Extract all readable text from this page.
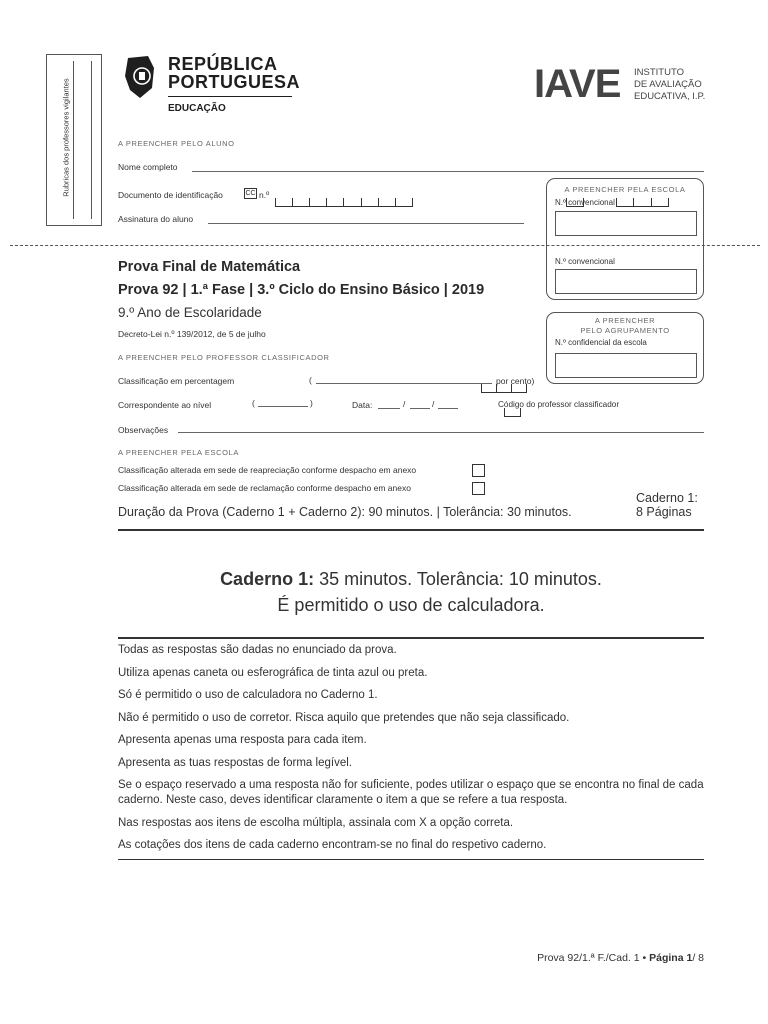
Rubricas dos professores vigilantes
REPÚBLICA
PORTUGUESA
EDUCAÇÃO
IAVE INSTITUTO
DE AVALIAÇÃO
EDUCATIVA, I.P.
A PREENCHER PELO ALUNO
Nome completo
Documento de identificação	CC n.º

Assinatura do aluno
A PREENCHER PELA ESCOLA
N.º convencional
N.º convencional
A PREENCHER
PELO AGRUPAMENTO
N.º confidencial da escola
Prova Final de Matemática
Prova 92 | 1.ª Fase | 3.º Ciclo do Ensino Básico | 2019
9.º Ano de Escolaridade
Decreto-Lei n.º 139/2012, de 5 de julho
A PREENCHER PELO PROFESSOR CLASSIFICADOR
Classificação em percentagem
	(	por cento)
Correspondente ao nível
	(	)	Data:	/	/	Código do professor classificador
Observações
A PREENCHER PELA ESCOLA
Classificação alterada em sede de reapreciação conforme despacho em anexo
Classificação alterada em sede de reclamação conforme despacho em anexo
Duração da Prova (Caderno 1 + Caderno 2): 90 minutos. | Tolerância: 30 minutos.
Caderno 1:
8 Páginas
Caderno 1: 35 minutos. Tolerância: 10 minutos.
É permitido o uso de calculadora.

Todas as respostas são dadas no enunciado da prova.

Utiliza apenas caneta ou esferográfica de tinta azul ou preta.

Só é permitido o uso de calculadora no Caderno 1.

Não é permitido o uso de corretor. Risca aquilo que pretendes que não seja classificado.

Apresenta apenas uma resposta para cada item.

Apresenta as tuas respostas de forma legível.

Se o espaço reservado a uma resposta não for suficiente, podes utilizar o espaço que se encontra no final de cada caderno. Neste caso, deves identificar claramente o item a que se refere a tua resposta.

Nas respostas aos itens de escolha múltipla, assinala com X a opção correta.

As cotações dos itens de cada caderno encontram-se no final do respetivo caderno.

Prova 92/1.ª F./Cad. 1 • Página 1/ 8
